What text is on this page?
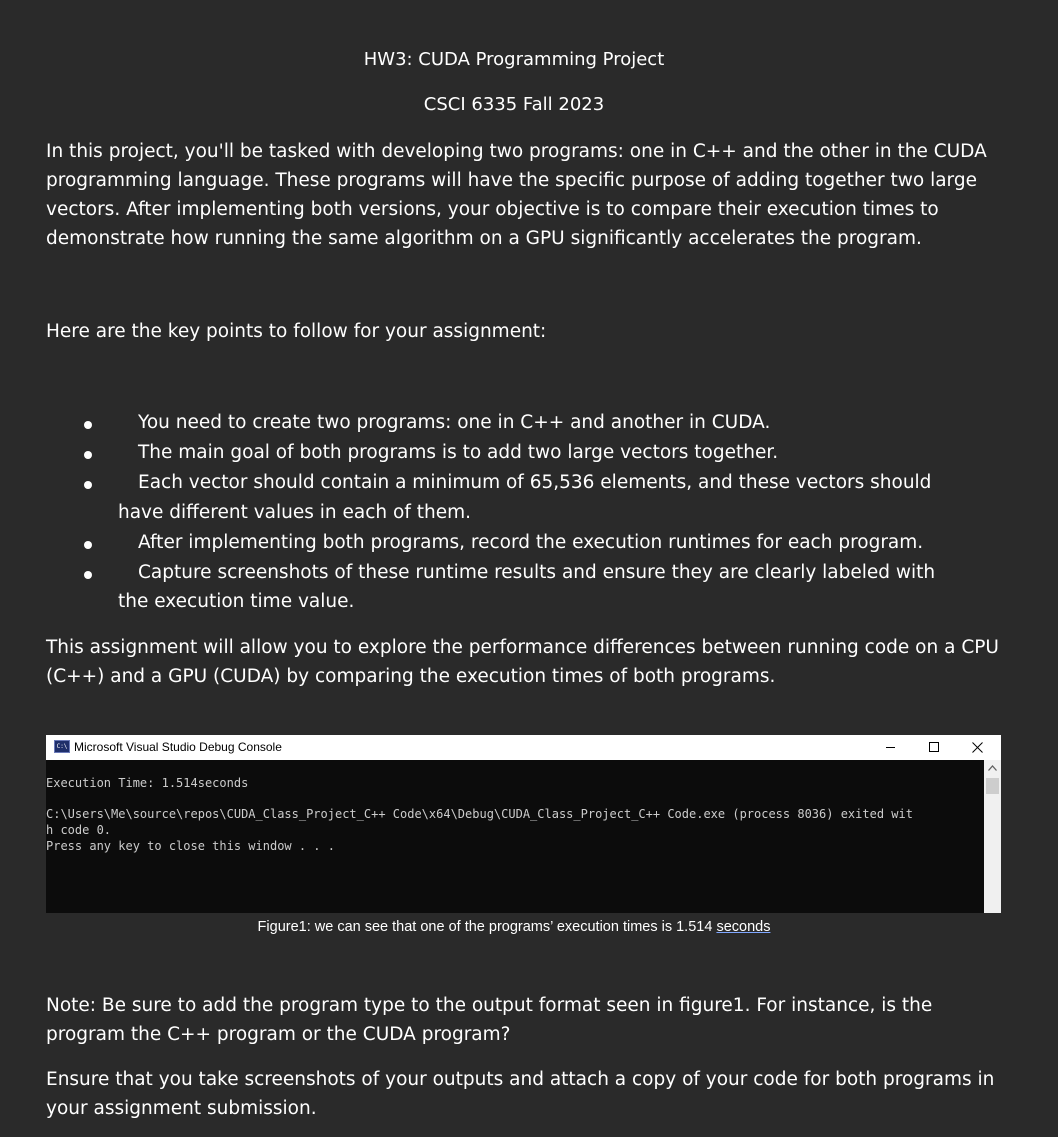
HW3: CUDA Programming Project
CSCI 6335 Fall 2023
In this project, you'll be tasked with developing two programs: one in C++ and the other in the CUDA programming language. These programs will have the specific purpose of adding together two large vectors. After implementing both versions, your objective is to compare their execution times to demonstrate how running the same algorithm on a GPU significantly accelerates the program.
Here are the key points to follow for your assignment:
You need to create two programs: one in C++ and another in CUDA.
The main goal of both programs is to add two large vectors together.
Each vector should contain a minimum of 65,536 elements, and these vectors should have different values in each of them.
After implementing both programs, record the execution runtimes for each program.
Capture screenshots of these runtime results and ensure they are clearly labeled with the execution time value.
This assignment will allow you to explore the performance differences between running code on a CPU (C++) and a GPU (CUDA) by comparing the execution times of both programs.
C:\ Microsoft Visual Studio Debug Console
Execution Time: 1.514seconds
C:\Users\Me\source\repos\CUDA_Class_Project_C++ Code\x64\Debug\CUDA_Class_Project_C++ Code.exe (process 8036) exited wit
h code 0.
Press any key to close this window . . .
Figure1: we can see that one of the programs’ execution times is 1.514 seconds
Note: Be sure to add the program type to the output format seen in figure1. For instance, is the program the C++ program or the CUDA program?
Ensure that you take screenshots of your outputs and attach a copy of your code for both programs in your assignment submission.
